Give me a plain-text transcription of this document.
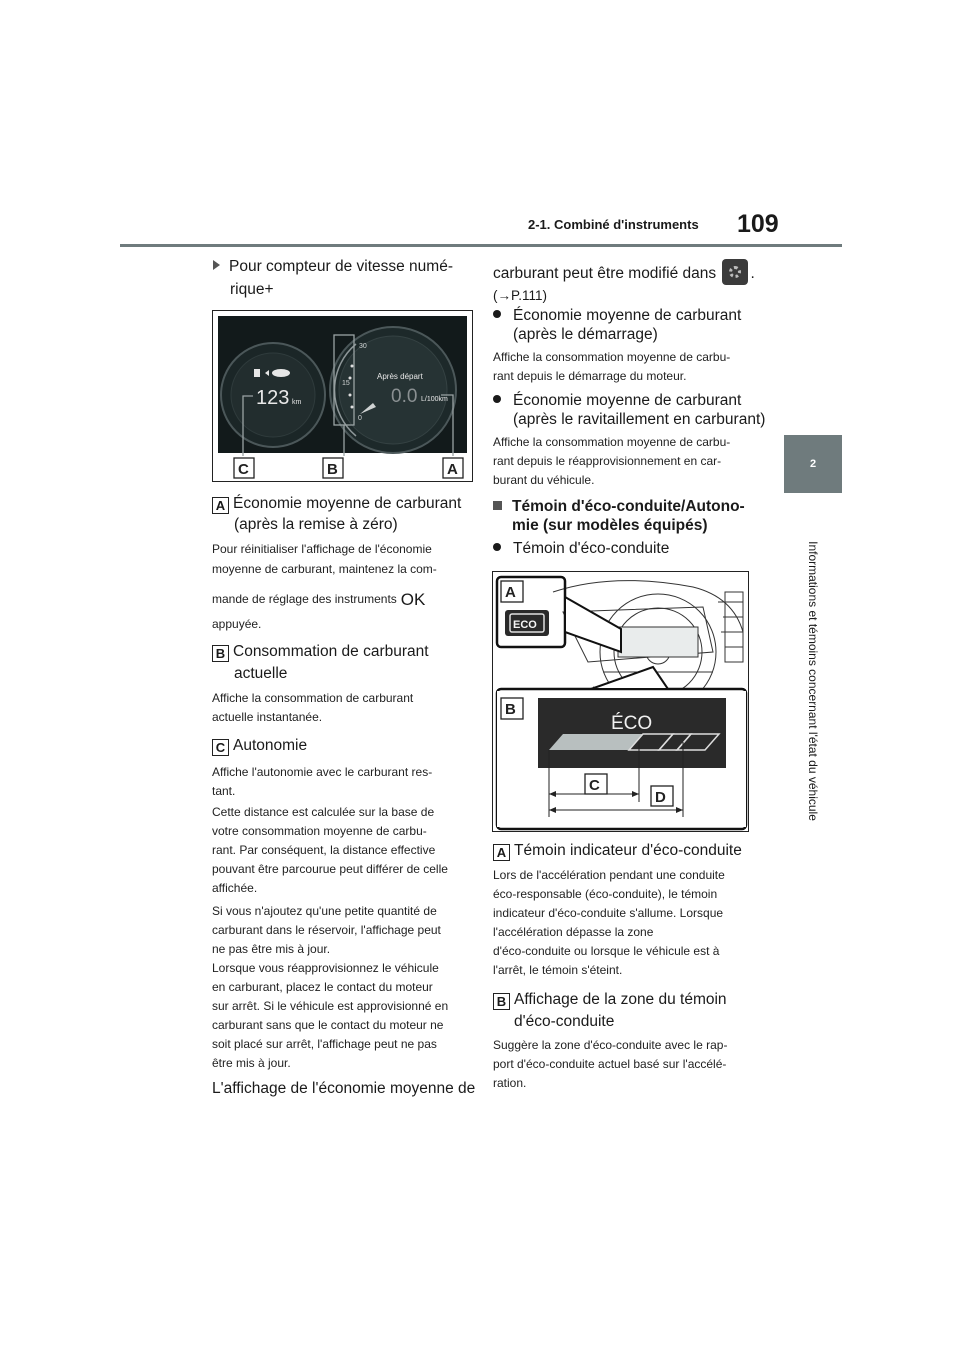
2-1. Combiné d'instruments 109
2
Informations et témoins concernant l'état du véhicule
Pour compteur de vitesse numé-
rique+
123 km
30
15
0
Après départ
0.0 L/100km
C	B	A
A Économie moyenne de carburant
(après la remise à zéro)
Pour réinitialiser l'affichage de l'économie
moyenne de carburant, maintenez la com-
mande de réglage des instruments OK
appuyée.
B Consommation de carburant
actuelle
Affiche la consommation de carburant
actuelle instantanée.
C Autonomie
Affiche l'autonomie avec le carburant res-
tant.
Cette distance est calculée sur la base de
votre consommation moyenne de carbu-
rant. Par conséquent, la distance effective
pouvant être parcourue peut différer de celle
affichée.
Si vous n'ajoutez qu'une petite quantité de
carburant dans le réservoir, l'affichage peut
ne pas être mis à jour.
Lorsque vous réapprovisionnez le véhicule
en carburant, placez le contact du moteur
sur arrêt. Si le véhicule est approvisionné en
carburant sans que le contact du moteur ne
soit placé sur arrêt, l'affichage peut ne pas
être mis à jour.
L'affichage de l'économie moyenne de
carburant peut être modifié dans .
(→P.111)
Économie moyenne de carburant
(après le démarrage)
Affiche la consommation moyenne de carbu-
rant depuis le démarrage du moteur.
Économie moyenne de carburant
(après le ravitaillement en carburant)
Affiche la consommation moyenne de carbu-
rant depuis le réapprovisionnement en car-
burant du véhicule.
Témoin d'éco-conduite/Autono-
mie (sur modèles équipés)
Témoin d'éco-conduite
A
ECO
B
ÉCO
C
D
A Témoin indicateur d'éco-conduite
Lors de l'accélération pendant une conduite
éco-responsable (éco-conduite), le témoin
indicateur d'éco-conduite s'allume. Lorsque
l'accélération dépasse la zone
d'éco-conduite ou lorsque le véhicule est à
l'arrêt, le témoin s'éteint.
B Affichage de la zone du témoin
d'éco-conduite
Suggère la zone d'éco-conduite avec le rap-
port d'éco-conduite actuel basé sur l'accélé-
ration.
